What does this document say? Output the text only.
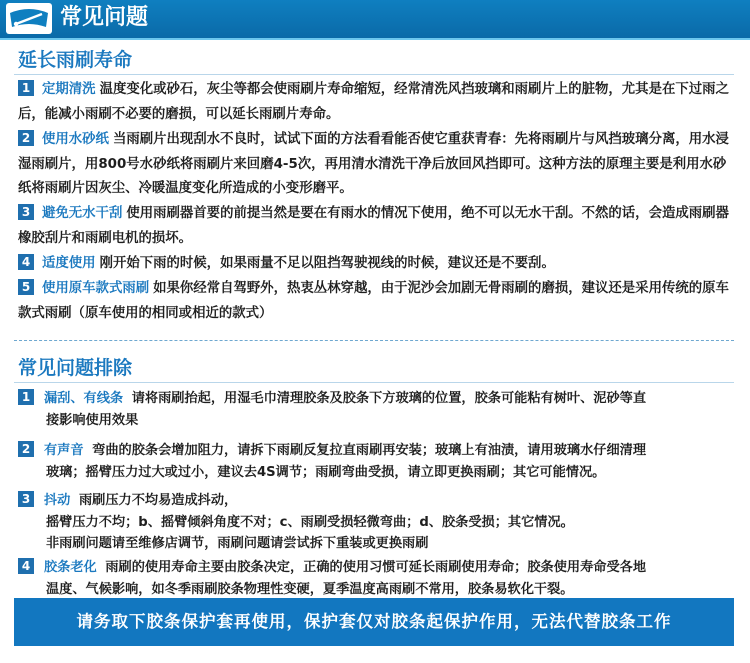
常见问题
延长雨刷寿命
1 定期清洗 温度变化或砂石，灰尘等都会使雨刷片寿命缩短，经常清洗风挡玻璃和雨刷片上的脏物，尤其是在下过雨之后，能减小雨刷不必要的磨损，可以延长雨刷片寿命。
2 使用水砂纸 当雨刷片出现刮水不良时，试试下面的方法看看能否使它重获青春：先将雨刷片与风挡玻璃分离，用水浸湿雨刷片，用800号水砂纸将雨刷片来回磨4-5次，再用清水清洗干净后放回风挡即可。这种方法的原理主要是利用水砂纸将雨刷片因灰尘、冷暖温度变化所造成的小变形磨平。
3 避免无水干刮 使用雨刷器首要的前提当然是要在有雨水的情况下使用，绝不可以无水干刮。不然的话，会造成雨刷器橡胶刮片和雨刷电机的损坏。
4 适度使用 刚开始下雨的时候，如果雨量不足以阻挡驾驶视线的时候，建议还是不要刮。
5 使用原车款式雨刷 如果你经常自驾野外，热衷丛林穿越，由于泥沙会加剧无骨雨刷的磨损，建议还是采用传统的原车款式雨刷（原车使用的相同或相近的款式）
常见问题排除
1 漏刮、有线条 请将雨刷抬起，用湿毛巾清理胶条及胶条下方玻璃的位置，胶条可能粘有树叶、泥砂等直
接影响使用效果
2 有声音 弯曲的胶条会增加阻力，请拆下雨刷反复拉直雨刷再安装；玻璃上有油渍，请用玻璃水仔细清理
玻璃；摇臂压力过大或过小，建议去4S调节；雨刷弯曲受损，请立即更换雨刷；其它可能情况。
3 抖动 雨刷压力不均易造成抖动，
摇臂压力不均；b、摇臂倾斜角度不对；c、雨刷受损轻微弯曲；d、胶条受损；其它情况。
非雨刷问题请至维修店调节，雨刷问题请尝试拆下重装或更换雨刷
4 胶条老化 雨刷的使用寿命主要由胶条决定，正确的使用习惯可延长雨刷使用寿命；胶条使用寿命受各地
温度、气候影响，如冬季雨刷胶条物理性变硬，夏季温度高雨刷不常用，胶条易软化干裂。
请务取下胶条保护套再使用，保护套仅对胶条起保护作用，无法代替胶条工作
